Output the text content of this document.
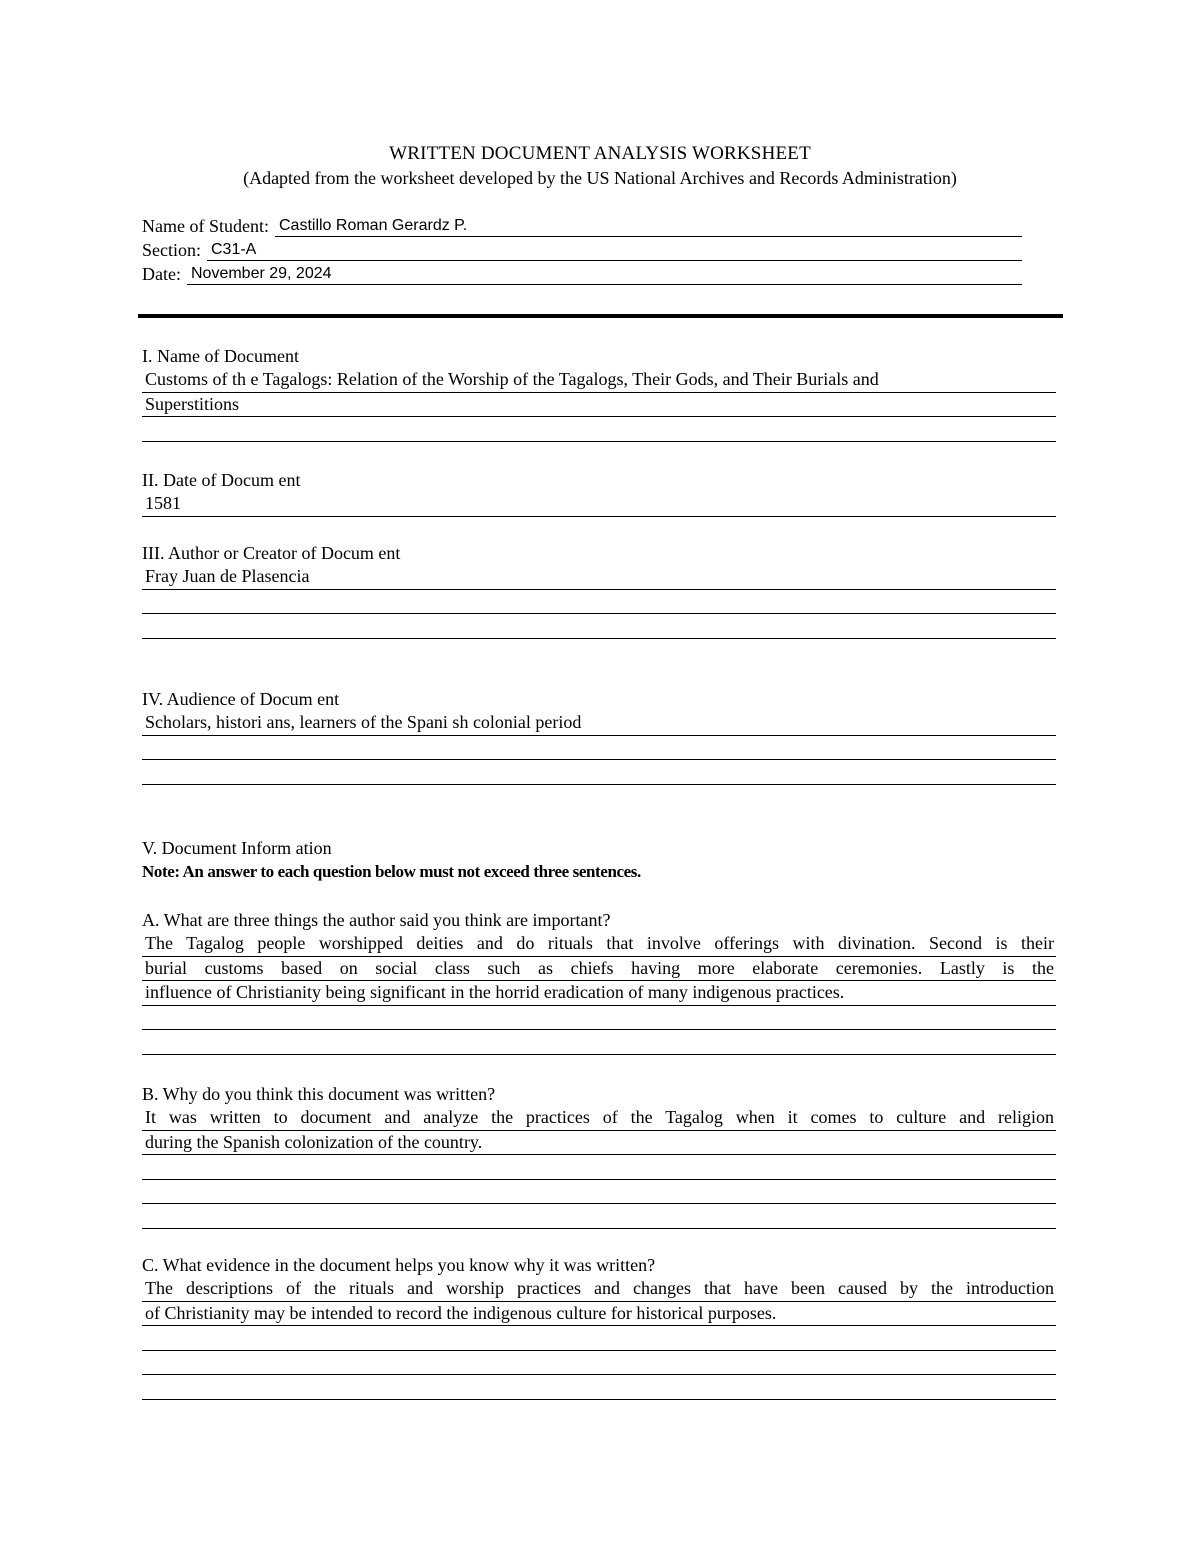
WRITTEN DOCUMENT ANALYSIS WORKSHEET
(Adapted from the worksheet developed by the US National Archives and Records Administration)
Name of Student: Castillo Roman Gerardz P.
Section: C31-A
Date: November 29, 2024
I. Name of Document
Customs of th e Tagalogs: Relation of the Worship of the Tagalogs, Their Gods, and Their Burials and
Superstitions
II. Date of Docum ent
1581
III. Author or Creator of Docum ent
Fray Juan de Plasencia
IV. Audience of Docum ent
Scholars, histori ans, learners of the Spani sh colonial period
V. Document Inform ation
Note: An answer to each question below must not exceed three sentences.
A. What are three things the author said you think are important?
The Tagalog people worshipped deities and do rituals that involve offerings with divination. Second is their
burial customs based on social class such as chiefs having more elaborate ceremonies. Lastly is the
influence of Christianity being significant in the horrid eradication of many indigenous practices.
B. Why do you think this document was written?
It was written to document and analyze the practices of the Tagalog when it comes to culture and religion
during the Spanish colonization of the country.
C. What evidence in the document helps you know why it was written?
The descriptions of the rituals and worship practices and changes that have been caused by the introduction
of Christianity may be intended to record the indigenous culture for historical purposes.
